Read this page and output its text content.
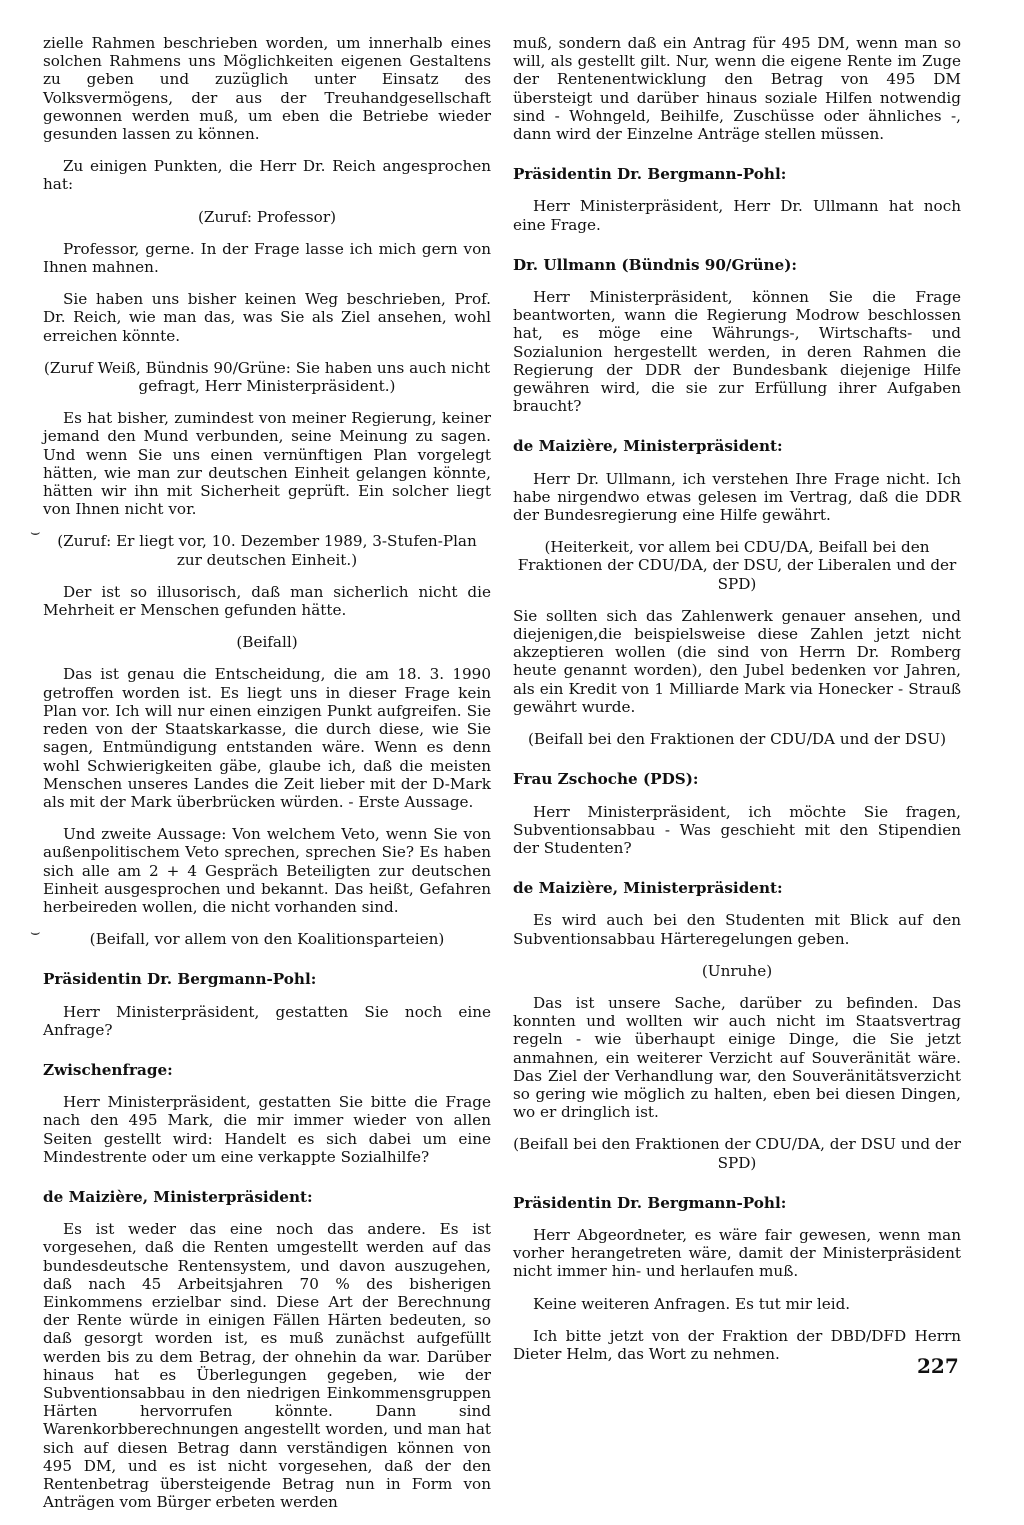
zielle Rahmen beschrieben worden, um innerhalb eines solchen Rahmens uns Möglichkeiten eigenen Gestaltens zu geben und zuzüglich unter Einsatz des Volksvermögens, der aus der Treuhandgesellschaft gewonnen werden muß, um eben die Betriebe wieder gesunden lassen zu können.

Zu einigen Punkten, die Herr Dr. Reich angesprochen hat:

(Zuruf: Professor)

Professor, gerne. In der Frage lasse ich mich gern von Ihnen mahnen.

Sie haben uns bisher keinen Weg beschrieben, Prof. Dr. Reich, wie man das, was Sie als Ziel ansehen, wohl erreichen könnte.

(Zuruf Weiß, Bündnis 90/Grüne: Sie haben uns auch nicht gefragt, Herr Ministerpräsident.)

Es hat bisher, zumindest von meiner Regierung, keiner jemand den Mund verbunden, seine Meinung zu sagen. Und wenn Sie uns einen vernünftigen Plan vorgelegt hätten, wie man zur deutschen Einheit gelangen könnte, hätten wir ihn mit Sicherheit geprüft. Ein solcher liegt von Ihnen nicht vor.

(Zuruf: Er liegt vor, 10. Dezember 1989, 3-Stufen-Plan zur deutschen Einheit.)

Der ist so illusorisch, daß man sicherlich nicht die Mehrheit er Menschen gefunden hätte.

(Beifall)

Das ist genau die Entscheidung, die am 18. 3. 1990 getroffen worden ist. Es liegt uns in dieser Frage kein Plan vor. Ich will nur einen einzigen Punkt aufgreifen. Sie reden von der Staatskarkasse, die durch diese, wie Sie sagen, Entmündigung entstanden wäre. Wenn es denn wohl Schwierigkeiten gäbe, glaube ich, daß die meisten Menschen unseres Landes die Zeit lieber mit der D-Mark als mit der Mark überbrücken würden. - Erste Aussage.

Und zweite Aussage: Von welchem Veto, wenn Sie von außenpolitischem Veto sprechen, sprechen Sie? Es haben sich alle am 2 + 4 Gespräch Beteiligten zur deutschen Einheit ausgesprochen und bekannt. Das heißt, Gefahren herbeireden wollen, die nicht vorhanden sind.

(Beifall, vor allem von den Koalitionsparteien)

Präsidentin Dr. Bergmann-Pohl:

Herr Ministerpräsident, gestatten Sie noch eine Anfrage?

Zwischenfrage:

Herr Ministerpräsident, gestatten Sie bitte die Frage nach den 495 Mark, die mir immer wieder von allen Seiten gestellt wird: Handelt es sich dabei um eine Mindestrente oder um eine verkappte Sozialhilfe?

de Maizière, Ministerpräsident:

Es ist weder das eine noch das andere. Es ist vorgesehen, daß die Renten umgestellt werden auf das bundesdeutsche Rentensystem, und davon auszugehen, daß nach 45 Arbeitsjahren 70 % des bisherigen Einkommens erzielbar sind. Diese Art der Berechnung der Rente würde in einigen Fällen Härten bedeuten, so daß gesorgt worden ist, es muß zunächst aufgefüllt werden bis zu dem Betrag, der ohnehin da war. Darüber hinaus hat es Überlegungen gegeben, wie der Subventionsabbau in den niedrigen Einkommensgruppen Härten hervorrufen könnte. Dann sind Warenkorbberechnungen angestellt worden, und man hat sich auf diesen Betrag dann verständigen können von 495 DM, und es ist nicht vorgesehen, daß der den Rentenbetrag übersteigende Betrag nun in Form von Anträgen vom Bürger erbeten werden

muß, sondern daß ein Antrag für 495 DM, wenn man so will, als gestellt gilt. Nur, wenn die eigene Rente im Zuge der Rentenentwicklung den Betrag von 495 DM übersteigt und darüber hinaus soziale Hilfen notwendig sind - Wohngeld, Beihilfe, Zuschüsse oder ähnliches -, dann wird der Einzelne Anträge stellen müssen.

Präsidentin Dr. Bergmann-Pohl:

Herr Ministerpräsident, Herr Dr. Ullmann hat noch eine Frage.

Dr. Ullmann (Bündnis 90/Grüne):

Herr Ministerpräsident, können Sie die Frage beantworten, wann die Regierung Modrow beschlossen hat, es möge eine Währungs-, Wirtschafts- und Sozialunion hergestellt werden, in deren Rahmen die Regierung der DDR der Bundesbank diejenige Hilfe gewähren wird, die sie zur Erfüllung ihrer Aufgaben braucht?

de Maizière, Ministerpräsident:

Herr Dr. Ullmann, ich verstehen Ihre Frage nicht. Ich habe nirgendwo etwas gelesen im Vertrag, daß die DDR der Bundesregierung eine Hilfe gewährt.

(Heiterkeit, vor allem bei CDU/DA, Beifall bei den Fraktionen der CDU/DA, der DSU, der Liberalen und der SPD)

Sie sollten sich das Zahlenwerk genauer ansehen, und diejenigen,die beispielsweise diese Zahlen jetzt nicht akzeptieren wollen (die sind von Herrn Dr. Romberg heute genannt worden), den Jubel bedenken vor Jahren, als ein Kredit von 1 Milliarde Mark via Honecker - Strauß gewährt wurde.

(Beifall bei den Fraktionen der CDU/DA und der DSU)

Frau Zschoche (PDS):

Herr Ministerpräsident, ich möchte Sie fragen, Subventionsabbau - Was geschieht mit den Stipendien der Studenten?

de Maizière, Ministerpräsident:

Es wird auch bei den Studenten mit Blick auf den Subventionsabbau Härteregelungen geben.

(Unruhe)

Das ist unsere Sache, darüber zu befinden. Das konnten und wollten wir auch nicht im Staatsvertrag regeln - wie überhaupt einige Dinge, die Sie jetzt anmahnen, ein weiterer Verzicht auf Souveränität wäre. Das Ziel der Verhandlung war, den Souveränitätsverzicht so gering wie möglich zu halten, eben bei diesen Dingen, wo er dringlich ist.

(Beifall bei den Fraktionen der CDU/DA, der DSU und der SPD)

Präsidentin Dr. Bergmann-Pohl:

Herr Abgeordneter, es wäre fair gewesen, wenn man vorher herangetreten wäre, damit der Ministerpräsident nicht immer hin- und herlaufen muß.

Keine weiteren Anfragen. Es tut mir leid.

Ich bitte jetzt von der Fraktion der DBD/DFD Herrn Dieter Helm, das Wort zu nehmen.

227
⌣
⌣
